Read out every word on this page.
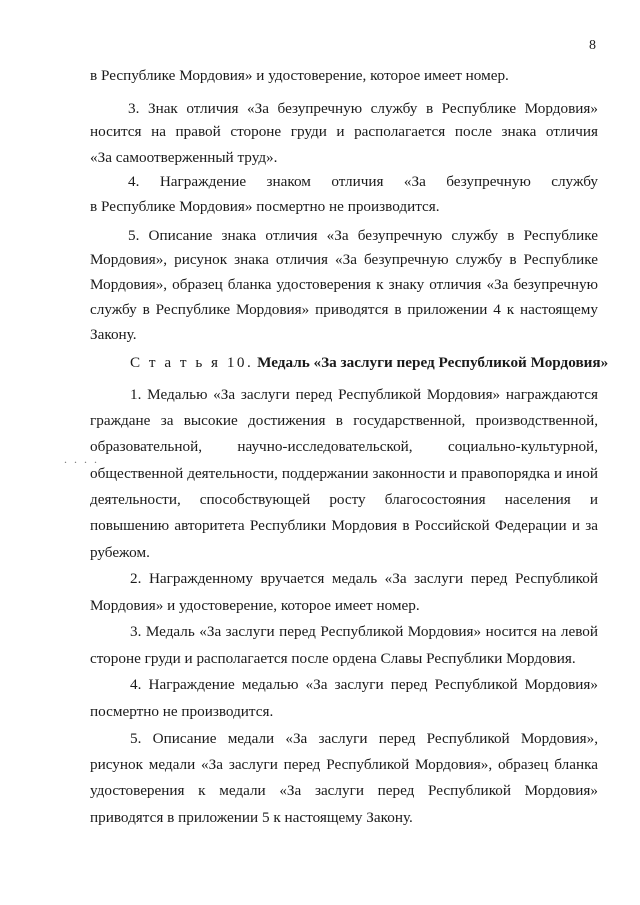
8
. . . .
в Республике Мордовия» и удостоверение, которое имеет номер.
3. Знак отличия «За безупречную службу в Республике Мордовия»
носится на правой стороне груди и располагается после знака отличия
«За самоотверженный труд».
4. Награждение знаком отличия «За безупречную службу
в Республике Мордовия» посмертно не производится.
5. Описание знака отличия «За безупречную службу в Республике
Мордовия», рисунок знака отличия «За безупречную службу в Республике
Мордовия», образец бланка удостоверения к знаку отличия «За безупречную
службу в Республике Мордовия» приводятся в приложении 4 к настоящему
Закону.
С т а т ь я 10. Медаль «За заслуги перед Республикой Мордовия»
1. Медалью «За заслуги перед Республикой Мордовия» награждаются
граждане за высокие достижения в государственной, производственной,
образовательной, научно-исследовательской, социально-культурной,
общественной деятельности, поддержании законности и правопорядка и иной
деятельности, способствующей росту благосостояния населения и
повышению авторитета Республики Мордовия в Российской Федерации и за
рубежом.
2. Награжденному вручается медаль «За заслуги перед Республикой
Мордовия» и удостоверение, которое имеет номер.
3. Медаль «За заслуги перед Республикой Мордовия» носится на левой
стороне груди и располагается после ордена Славы Республики Мордовия.
4. Награждение медалью «За заслуги перед Республикой Мордовия»
посмертно не производится.
5. Описание медали «За заслуги перед Республикой Мордовия»,
рисунок медали «За заслуги перед Республикой Мордовия», образец бланка
удостоверения к медали «За заслуги перед Республикой Мордовия»
приводятся в приложении 5 к настоящему Закону.
